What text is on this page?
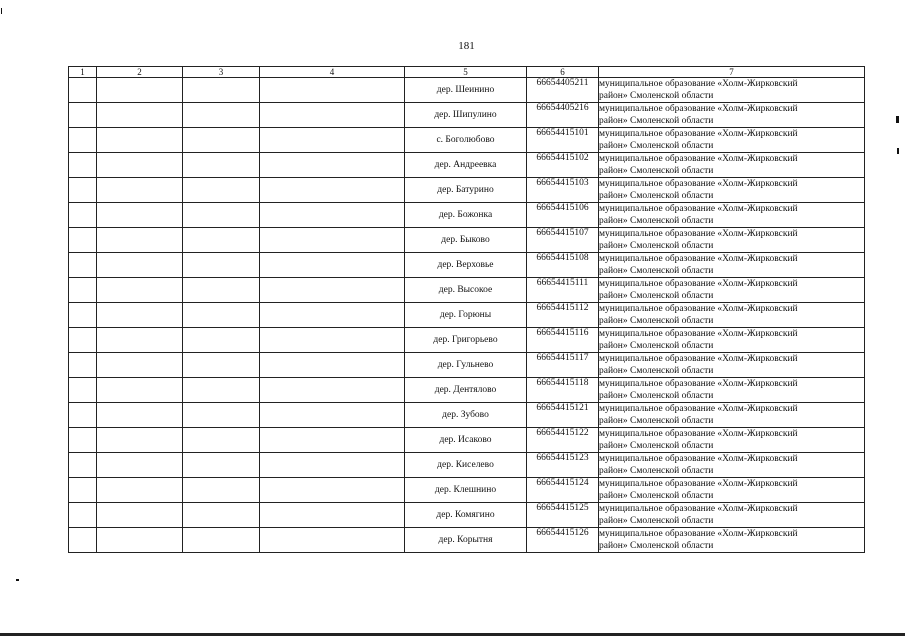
181
1	2	3	4	5	6	7
				дер. Шеинино	66654405211	муниципальное образование «Холм-Жирковский
район» Смоленской области

				дер. Шипулино	66654405216	муниципальное образование «Холм-Жирковский
район» Смоленской области

				с. Боголюбово	66654415101	муниципальное образование «Холм-Жирковский
район» Смоленской области

				дер. Андреевка	66654415102	муниципальное образование «Холм-Жирковский
район» Смоленской области

				дер. Батурино	66654415103	муниципальное образование «Холм-Жирковский
район» Смоленской области

				дер. Божонка	66654415106	муниципальное образование «Холм-Жирковский
район» Смоленской области

				дер. Быково	66654415107	муниципальное образование «Холм-Жирковский
район» Смоленской области

				дер. Верховье	66654415108	муниципальное образование «Холм-Жирковский
район» Смоленской области

				дер. Высокое	66654415111	муниципальное образование «Холм-Жирковский
район» Смоленской области

				дер. Горюны	66654415112	муниципальное образование «Холм-Жирковский
район» Смоленской области

				дер. Григорьево	66654415116	муниципальное образование «Холм-Жирковский
район» Смоленской области

				дер. Гульнево	66654415117	муниципальное образование «Холм-Жирковский
район» Смоленской области

				дер. Дентялово	66654415118	муниципальное образование «Холм-Жирковский
район» Смоленской области

				дер. Зубово	66654415121	муниципальное образование «Холм-Жирковский
район» Смоленской области

				дер. Исаково	66654415122	муниципальное образование «Холм-Жирковский
район» Смоленской области

				дер. Киселево	66654415123	муниципальное образование «Холм-Жирковский
район» Смоленской области

				дер. Клешнино	66654415124	муниципальное образование «Холм-Жирковский
район» Смоленской области

				дер. Комягино	66654415125	муниципальное образование «Холм-Жирковский
район» Смоленской области

				дер. Корытня	66654415126	муниципальное образование «Холм-Жирковский
район» Смоленской области
